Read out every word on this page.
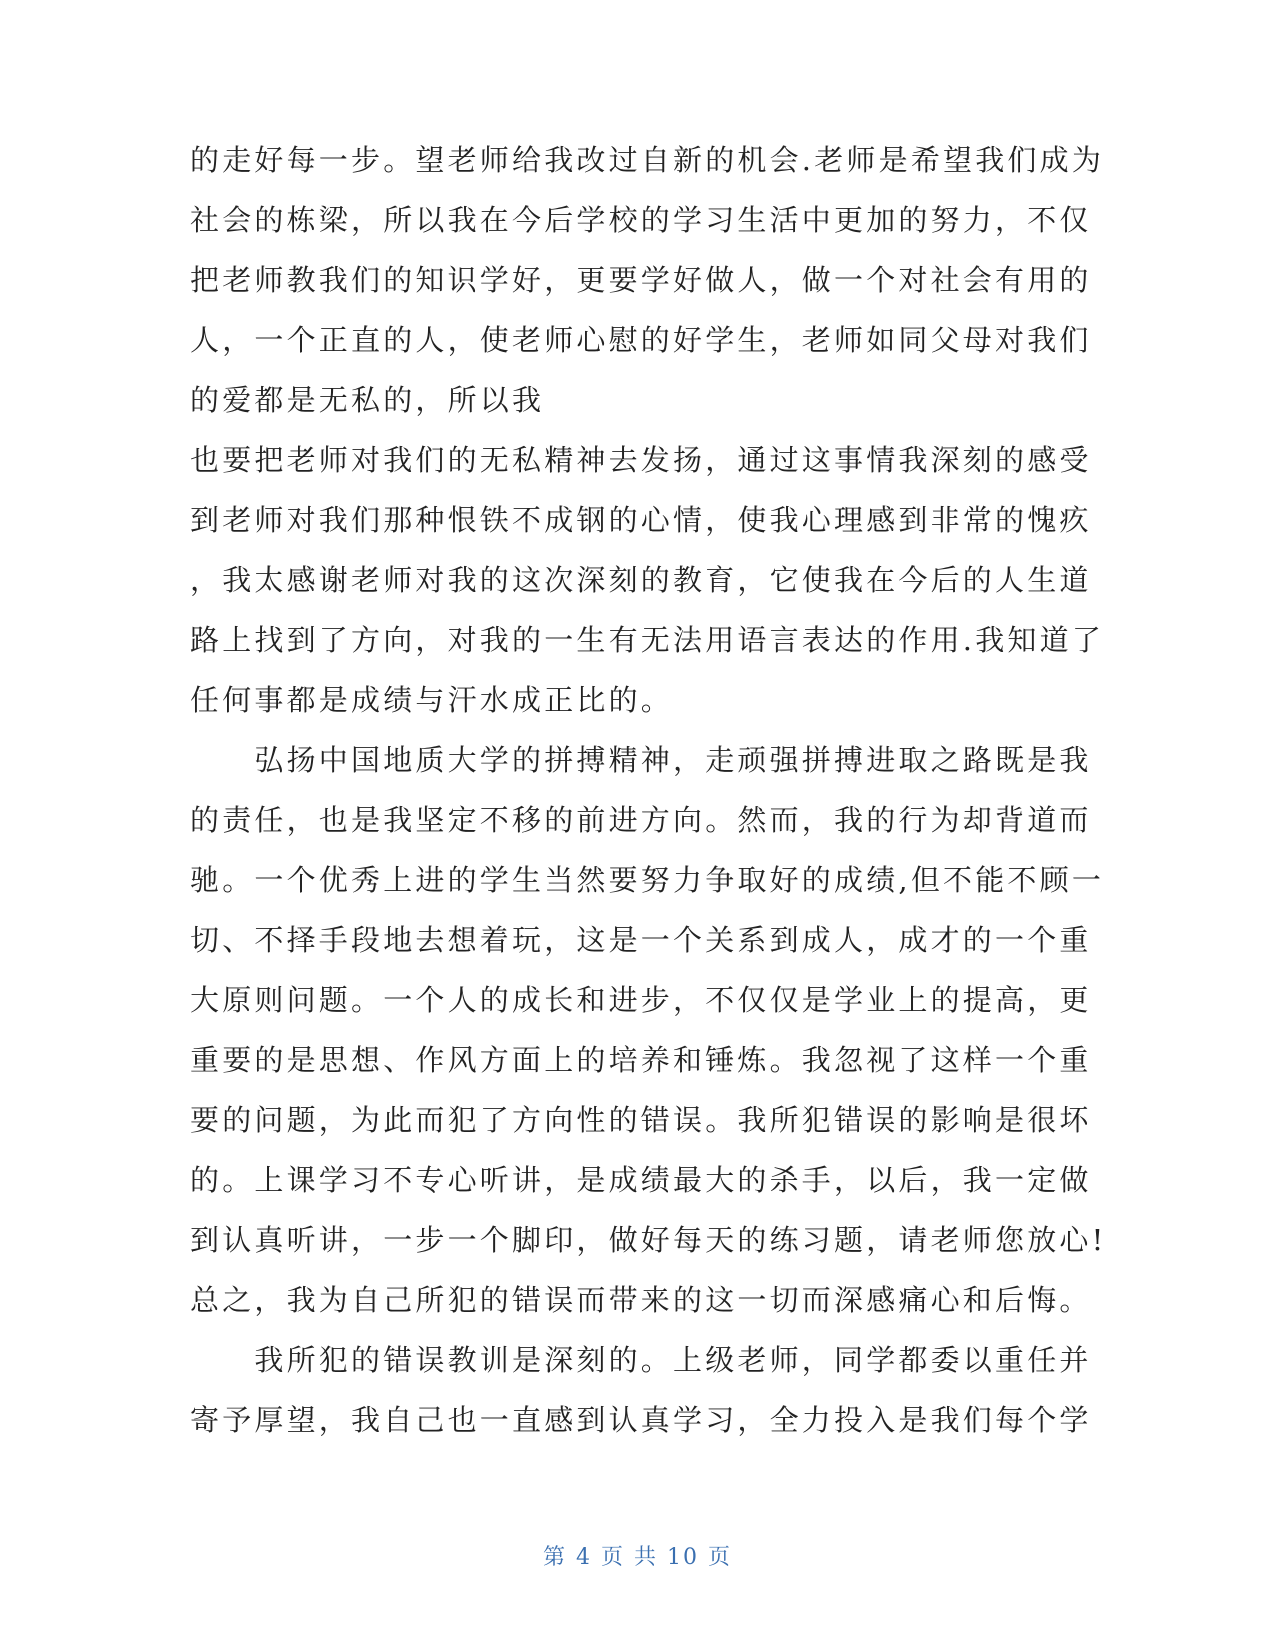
的走好每一步。望老师给我改过自新的机会.老师是希望我们成为
社会的栋梁，所以我在今后学校的学习生活中更加的努力，不仅
把老师教我们的知识学好，更要学好做人，做一个对社会有用的
人，一个正直的人，使老师心慰的好学生，老师如同父母对我们
的爱都是无私的，所以我
也要把老师对我们的无私精神去发扬，通过这事情我深刻的感受
到老师对我们那种恨铁不成钢的心情，使我心理感到非常的愧疚
，我太感谢老师对我的这次深刻的教育，它使我在今后的人生道
路上找到了方向，对我的一生有无法用语言表达的作用.我知道了
任何事都是成绩与汗水成正比的。
　　弘扬中国地质大学的拼搏精神，走顽强拼搏进取之路既是我
的责任，也是我坚定不移的前进方向。然而，我的行为却背道而
驰。一个优秀上进的学生当然要努力争取好的成绩,但不能不顾一
切、不择手段地去想着玩，这是一个关系到成人，成才的一个重
大原则问题。一个人的成长和进步，不仅仅是学业上的提高，更
重要的是思想、作风方面上的培养和锤炼。我忽视了这样一个重
要的问题，为此而犯了方向性的错误。我所犯错误的影响是很坏
的。上课学习不专心听讲，是成绩最大的杀手，以后，我一定做
到认真听讲，一步一个脚印，做好每天的练习题，请老师您放心!
总之，我为自己所犯的错误而带来的这一切而深感痛心和后悔。
　　我所犯的错误教训是深刻的。上级老师，同学都委以重任并
寄予厚望，我自己也一直感到认真学习，全力投入是我们每个学
第 4 页 共 10 页
